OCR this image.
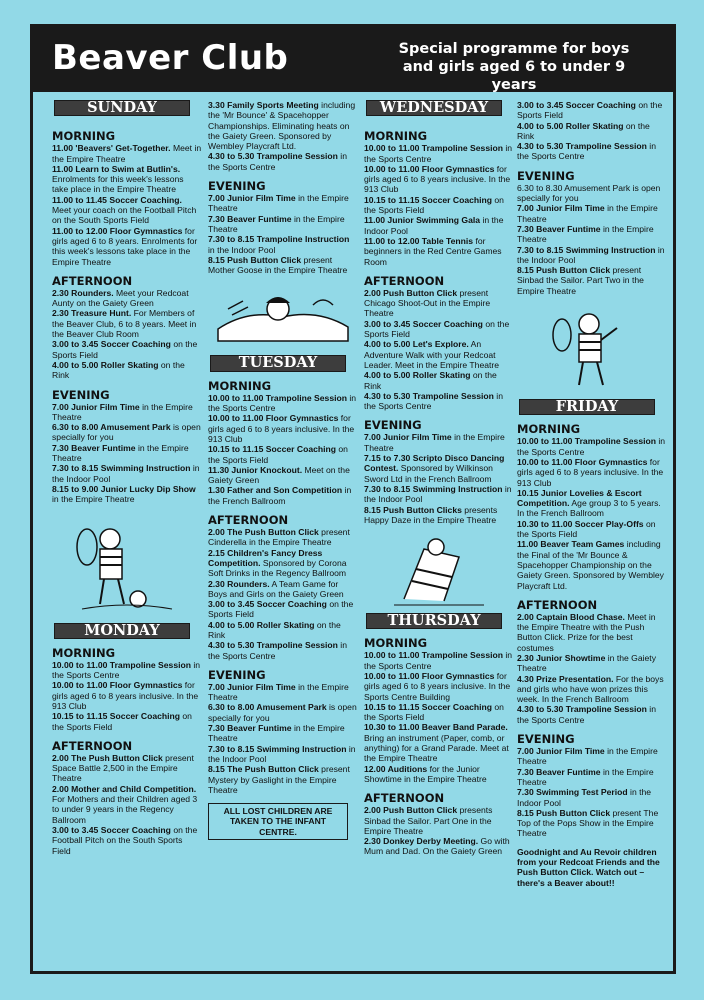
Beaver Club	Special programme for boys and girls aged 6 to under 9 years
SUNDAY
MORNING

11.00 'Beavers' Get-Together. Meet in the Empire Theatre

11.00 Learn to Swim at Butlin's. Enrolments for this week's lessons take place in the Empire Theatre

11.00 to 11.45 Soccer Coaching. Meet your coach on the Football Pitch on the South Sports Field

11.00 to 12.00 Floor Gymnastics for girls aged 6 to 8 years. Enrolments for this week's lessons take place in the Empire Theatre

AFTERNOON

2.30 Rounders. Meet your Redcoat Aunty on the Gaiety Green

2.30 Treasure Hunt. For Members of the Beaver Club, 6 to 8 years. Meet in the Beaver Club Room

3.00 to 3.45 Soccer Coaching on the Sports Field

4.00 to 5.00 Roller Skating on the Rink

EVENING

7.00 Junior Film Time in the Empire Theatre

6.30 to 8.00 Amusement Park is open specially for you

7.30 Beaver Funtime in the Empire Theatre

7.30 to 8.15 Swimming Instruction in the Indoor Pool

8.15 to 9.00 Junior Lucky Dip Show in the Empire Theatre

MONDAY
MORNING

10.00 to 11.00 Trampoline Session in the Sports Centre

10.00 to 11.00 Floor Gymnastics for girls aged 6 to 8 years inclusive. In the 913 Club

10.15 to 11.15 Soccer Coaching on the Sports Field

AFTERNOON

2.00 The Push Button Click present Space Battle 2,500 in the Empire Theatre

2.00 Mother and Child Competition. For Mothers and their Children aged 3 to under 9 years in the Regency Ballroom

3.00 to 3.45 Soccer Coaching on the Football Pitch on the South Sports Field

3.30 Family Sports Meeting including the 'Mr Bounce' & Spacehopper Championships. Eliminating heats on the Gaiety Green. Sponsored by Wembley Playcraft Ltd.

4.30 to 5.30 Trampoline Session in the Sports Centre

EVENING

7.00 Junior Film Time in the Empire Theatre

7.30 Beaver Funtime in the Empire Theatre

7.30 to 8.15 Trampoline Instruction in the Indoor Pool

8.15 Push Button Click present Mother Goose in the Empire Theatre

TUESDAY
MORNING

10.00 to 11.00 Trampoline Session in the Sports Centre

10.00 to 11.00 Floor Gymnastics for girls aged 6 to 8 years inclusive. In the 913 Club

10.15 to 11.15 Soccer Coaching on the Sports Field

11.30 Junior Knockout. Meet on the Gaiety Green

1.30 Father and Son Competition in the French Ballroom

AFTERNOON

2.00 The Push Button Click present Cinderella in the Empire Theatre

2.15 Children's Fancy Dress Competition. Sponsored by Corona Soft Drinks in the Regency Ballroom

2.30 Rounders. A Team Game for Boys and Girls on the Gaiety Green

3.00 to 3.45 Soccer Coaching on the Sports Field

4.00 to 5.00 Roller Skating on the Rink

4.30 to 5.30 Trampoline Session in the Sports Centre

EVENING

7.00 Junior Film Time in the Empire Theatre

6.30 to 8.00 Amusement Park is open specially for you

7.30 Beaver Funtime in the Empire Theatre

7.30 to 8.15 Swimming Instruction in the Indoor Pool

8.15 The Push Button Click present Mystery by Gaslight in the Empire Theatre

ALL LOST CHILDREN ARE TAKEN TO THE INFANT CENTRE.
WEDNESDAY
MORNING

10.00 to 11.00 Trampoline Session in the Sports Centre

10.00 to 11.00 Floor Gymnastics for girls aged 6 to 8 years inclusive. In the 913 Club

10.15 to 11.15 Soccer Coaching on the Sports Field

11.00 Junior Swimming Gala in the Indoor Pool

11.00 to 12.00 Table Tennis for beginners in the Red Centre Games Room

AFTERNOON

2.00 Push Button Click present Chicago Shoot-Out in the Empire Theatre

3.00 to 3.45 Soccer Coaching on the Sports Field

4.00 to 5.00 Let's Explore. An Adventure Walk with your Redcoat Leader. Meet in the Empire Theatre

4.00 to 5.00 Roller Skating on the Rink

4.30 to 5.30 Trampoline Session in the Sports Centre

EVENING

7.00 Junior Film Time in the Empire Theatre

7.15 to 7.30 Scripto Disco Dancing Contest. Sponsored by Wilkinson Sword Ltd in the French Ballroom

7.30 to 8.15 Swimming Instruction in the Indoor Pool

8.15 Push Button Clicks presents Happy Daze in the Empire Theatre

THURSDAY
MORNING

10.00 to 11.00 Trampoline Session in the Sports Centre

10.00 to 11.00 Floor Gymnastics for girls aged 6 to 8 years inclusive. In the Sports Centre Building

10.15 to 11.15 Soccer Coaching on the Sports Field

10.30 to 11.00 Beaver Band Parade. Bring an instrument (Paper, comb, or anything) for a Grand Parade. Meet at the Empire Theatre

12.00 Auditions for the Junior Showtime in the Empire Theatre

AFTERNOON

2.00 Push Button Click presents Sinbad the Sailor. Part One in the Empire Theatre

2.30 Donkey Derby Meeting. Go with Mum and Dad. On the Gaiety Green

3.00 to 3.45 Soccer Coaching on the Sports Field

4.00 to 5.00 Roller Skating on the Rink

4.30 to 5.30 Trampoline Session in the Sports Centre

EVENING

6.30 to 8.30 Amusement Park is open specially for you

7.00 Junior Film Time in the Empire Theatre

7.30 Beaver Funtime in the Empire Theatre

7.30 to 8.15 Swimming Instruction in the Indoor Pool

8.15 Push Button Click present Sinbad the Sailor. Part Two in the Empire Theatre

FRIDAY
MORNING

10.00 to 11.00 Trampoline Session in the Sports Centre

10.00 to 11.00 Floor Gymnastics for girls aged 6 to 8 years inclusive. In the 913 Club

10.15 Junior Lovelies & Escort Competition. Age group 3 to 5 years. In the French Ballroom

10.30 to 11.00 Soccer Play-Offs on the Sports Field

11.00 Beaver Team Games including the Final of the 'Mr Bounce & Spacehopper Championship on the Gaiety Green. Sponsored by Wembley Playcraft Ltd.

AFTERNOON

2.00 Captain Blood Chase. Meet in the Empire Theatre with the Push Button Click. Prize for the best costumes

2.30 Junior Showtime in the Gaiety Theatre

4.30 Prize Presentation. For the boys and girls who have won prizes this week. In the French Ballroom

4.30 to 5.30 Trampoline Session in the Sports Centre

EVENING

7.00 Junior Film Time in the Empire Theatre

7.30 Beaver Funtime in the Empire Theatre

7.30 Swimming Test Period in the Indoor Pool

8.15 Push Button Click present The Top of the Pops Show in the Empire Theatre

Goodnight and Au Revoir children from your Redcoat Friends and the Push Button Click. Watch out – there's a Beaver about!!
